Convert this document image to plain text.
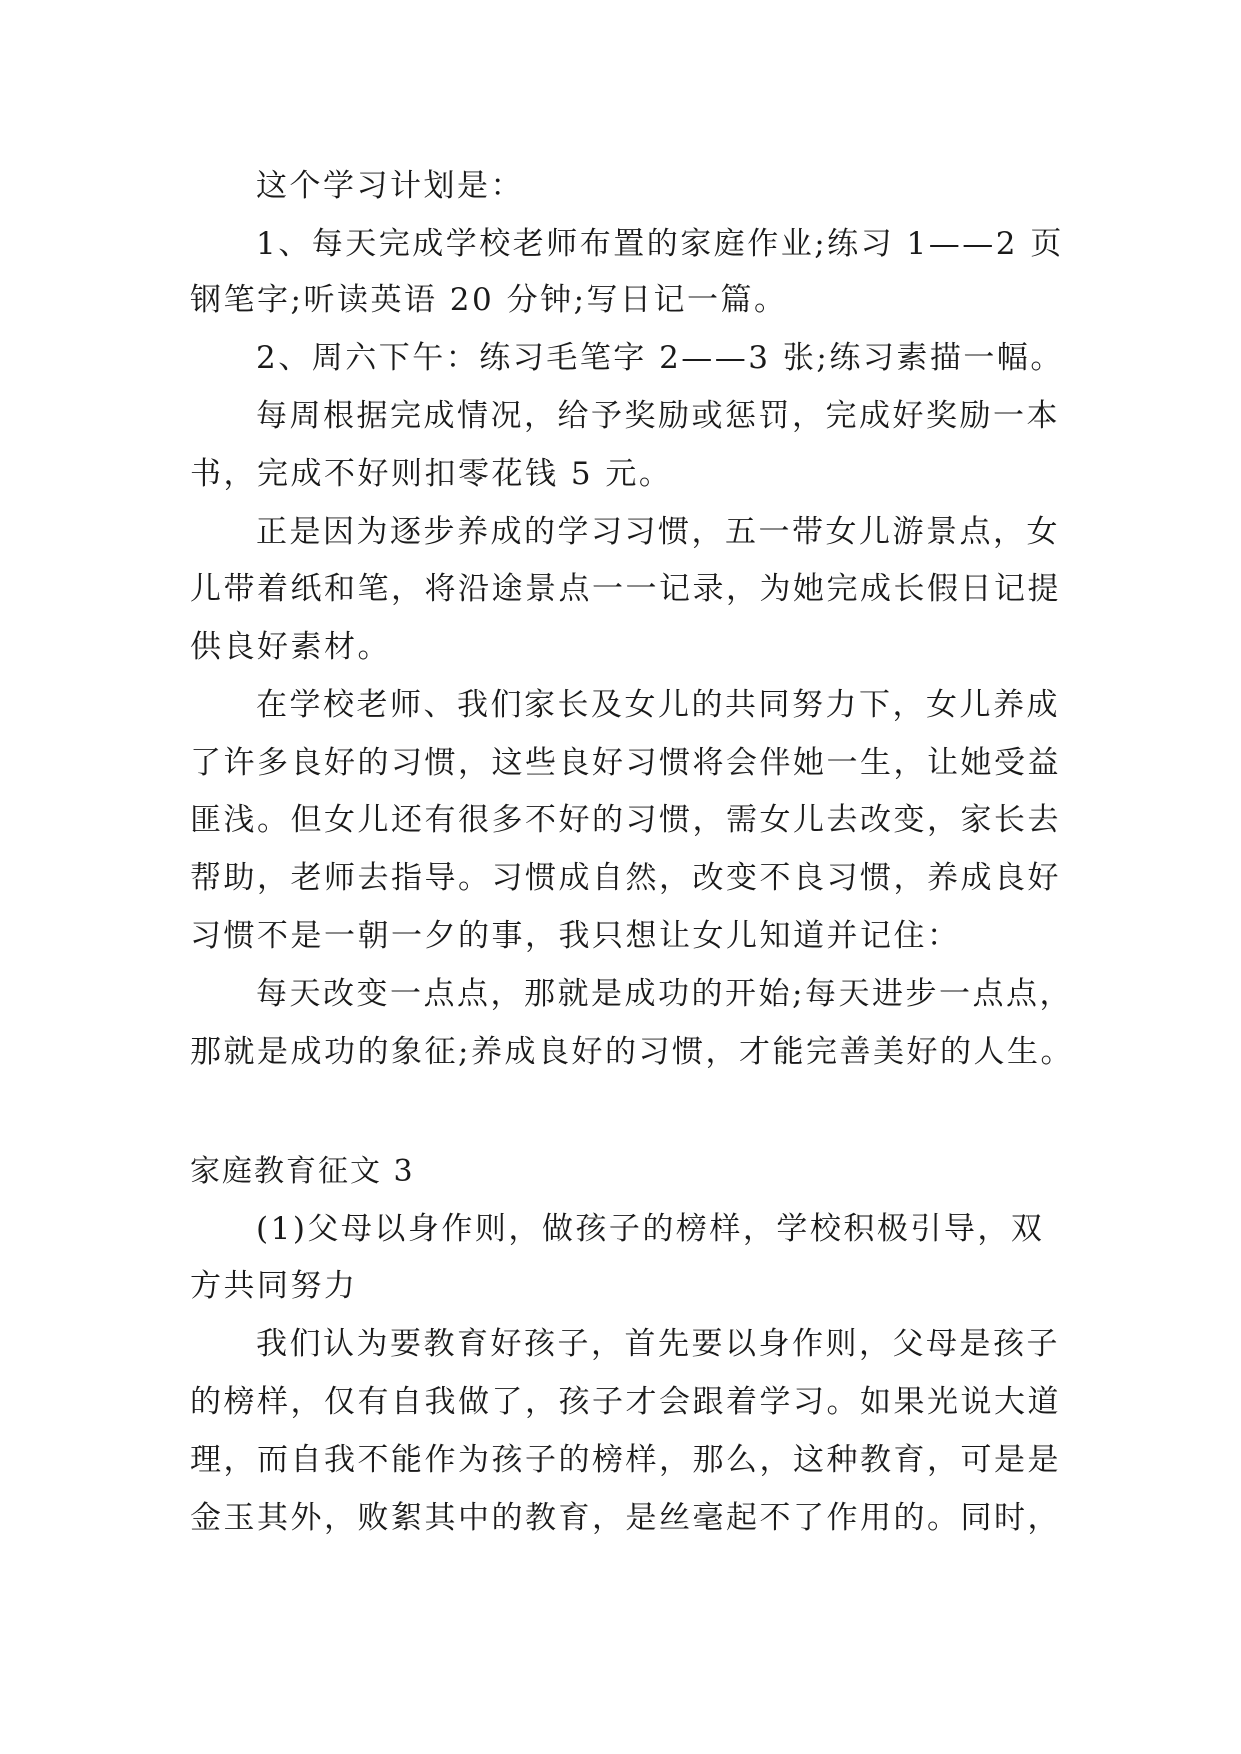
这个学习计划是：

1、每天完成学校老师布置的家庭作业;练习 1——2 页

钢笔字;听读英语 20 分钟;写日记一篇。

2、周六下午：练习毛笔字 2——3 张;练习素描一幅。

每周根据完成情况，给予奖励或惩罚，完成好奖励一本

书，完成不好则扣零花钱 5 元。

正是因为逐步养成的学习习惯，五一带女儿游景点，女

儿带着纸和笔，将沿途景点一一记录，为她完成长假日记提

供良好素材。

在学校老师、我们家长及女儿的共同努力下，女儿养成

了许多良好的习惯，这些良好习惯将会伴她一生，让她受益

匪浅。但女儿还有很多不好的习惯，需女儿去改变，家长去

帮助，老师去指导。习惯成自然，改变不良习惯，养成良好

习惯不是一朝一夕的事，我只想让女儿知道并记住：

每天改变一点点，那就是成功的开始;每天进步一点点，

那就是成功的象征;养成良好的习惯，才能完善美好的人生。

家庭教育征文 3

(1)父母以身作则，做孩子的榜样，学校积极引导，双

方共同努力

我们认为要教育好孩子，首先要以身作则，父母是孩子

的榜样，仅有自我做了，孩子才会跟着学习。如果光说大道

理，而自我不能作为孩子的榜样，那么，这种教育，可是是

金玉其外，败絮其中的教育，是丝毫起不了作用的。同时，
